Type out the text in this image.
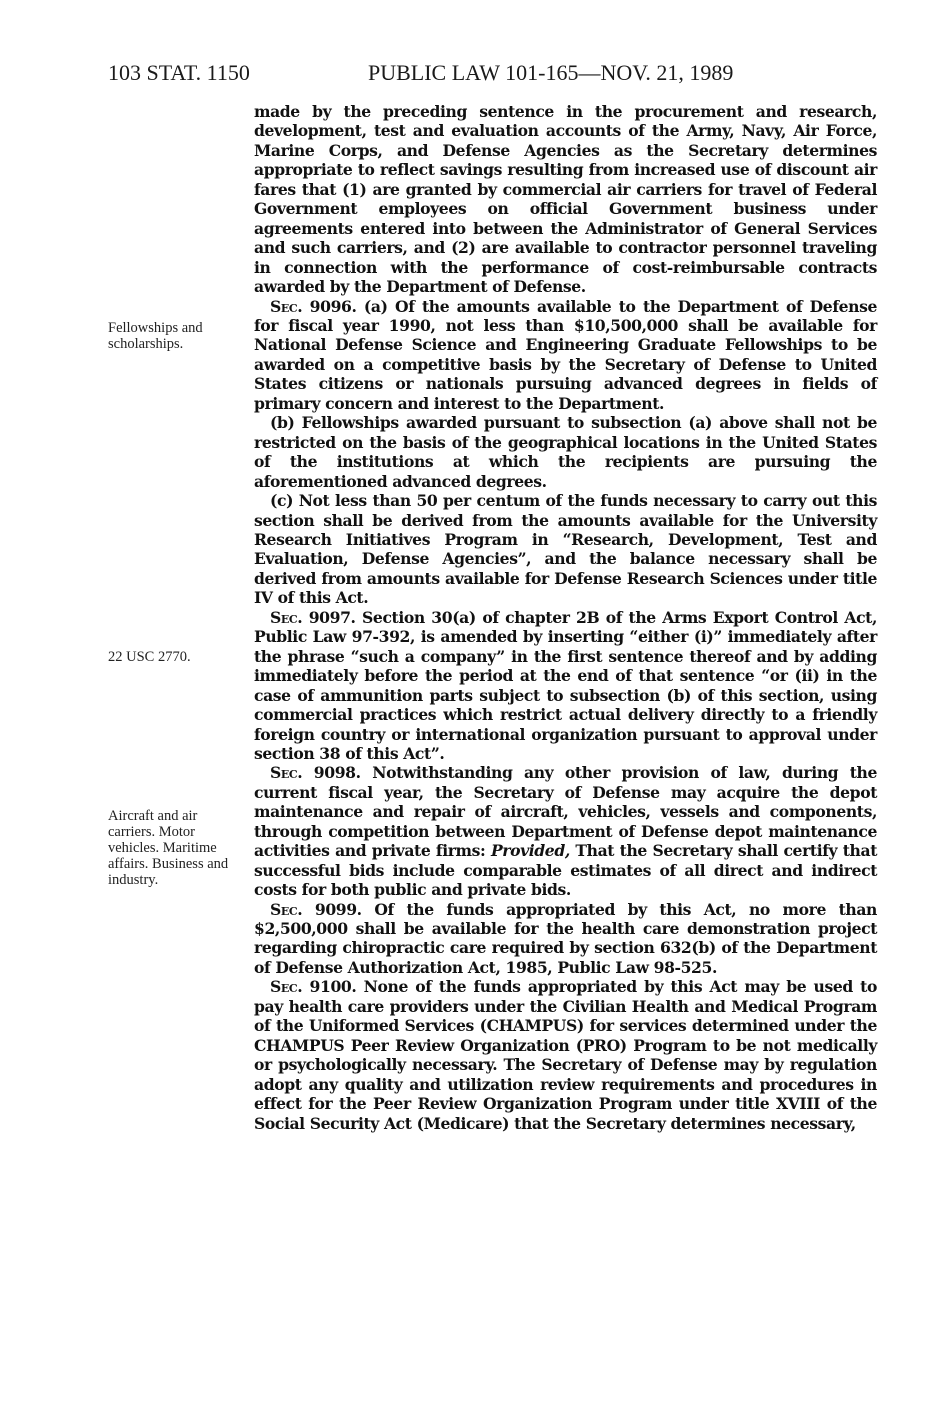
103 STAT. 1150	PUBLIC LAW 101-165—NOV. 21, 1989
Fellowships and scholarships.
22 USC 2770.
Aircraft and air carriers. Motor vehicles. Maritime affairs. Business and industry.

made by the preceding sentence in the procurement and research, development, test and evaluation accounts of the Army, Navy, Air Force, Marine Corps, and Defense Agencies as the Secretary determines appropriate to reflect savings resulting from increased use of discount air fares that (1) are granted by commercial air carriers for travel of Federal Government employees on official Government business under agreements entered into between the Administrator of General Services and such carriers, and (2) are available to contractor personnel traveling in connection with the performance of cost-reimbursable contracts awarded by the Department of Defense.

Sec. 9096. (a) Of the amounts available to the Department of Defense for fiscal year 1990, not less than $10,500,000 shall be available for National Defense Science and Engineering Graduate Fellowships to be awarded on a competitive basis by the Secretary of Defense to United States citizens or nationals pursuing advanced degrees in fields of primary concern and interest to the Department.

(b) Fellowships awarded pursuant to subsection (a) above shall not be restricted on the basis of the geographical locations in the United States of the institutions at which the recipients are pursuing the aforementioned advanced degrees.

(c) Not less than 50 per centum of the funds necessary to carry out this section shall be derived from the amounts available for the University Research Initiatives Program in “Research, Development, Test and Evaluation, Defense Agencies”, and the balance necessary shall be derived from amounts available for Defense Research Sciences under title IV of this Act.

Sec. 9097. Section 30(a) of chapter 2B of the Arms Export Control Act, Public Law 97-392, is amended by inserting “either (i)” immediately after the phrase “such a company” in the first sentence thereof and by adding immediately before the period at the end of that sentence “or (ii) in the case of ammunition parts subject to subsection (b) of this section, using commercial practices which restrict actual delivery directly to a friendly foreign country or international organization pursuant to approval under section 38 of this Act”.

Sec. 9098. Notwithstanding any other provision of law, during the current fiscal year, the Secretary of Defense may acquire the depot maintenance and repair of aircraft, vehicles, vessels and components, through competition between Department of Defense depot maintenance activities and private firms: Provided, That the Secretary shall certify that successful bids include comparable estimates of all direct and indirect costs for both public and private bids.

Sec. 9099. Of the funds appropriated by this Act, no more than $2,500,000 shall be available for the health care demonstration project regarding chiropractic care required by section 632(b) of the Department of Defense Authorization Act, 1985, Public Law 98-525.

Sec. 9100. None of the funds appropriated by this Act may be used to pay health care providers under the Civilian Health and Medical Program of the Uniformed Services (CHAMPUS) for services determined under the CHAMPUS Peer Review Organization (PRO) Program to be not medically or psychologically necessary. The Secretary of Defense may by regulation adopt any quality and utilization review requirements and procedures in effect for the Peer Review Organization Program under title XVIII of the Social Security Act (Medicare) that the Secretary determines necessary,
